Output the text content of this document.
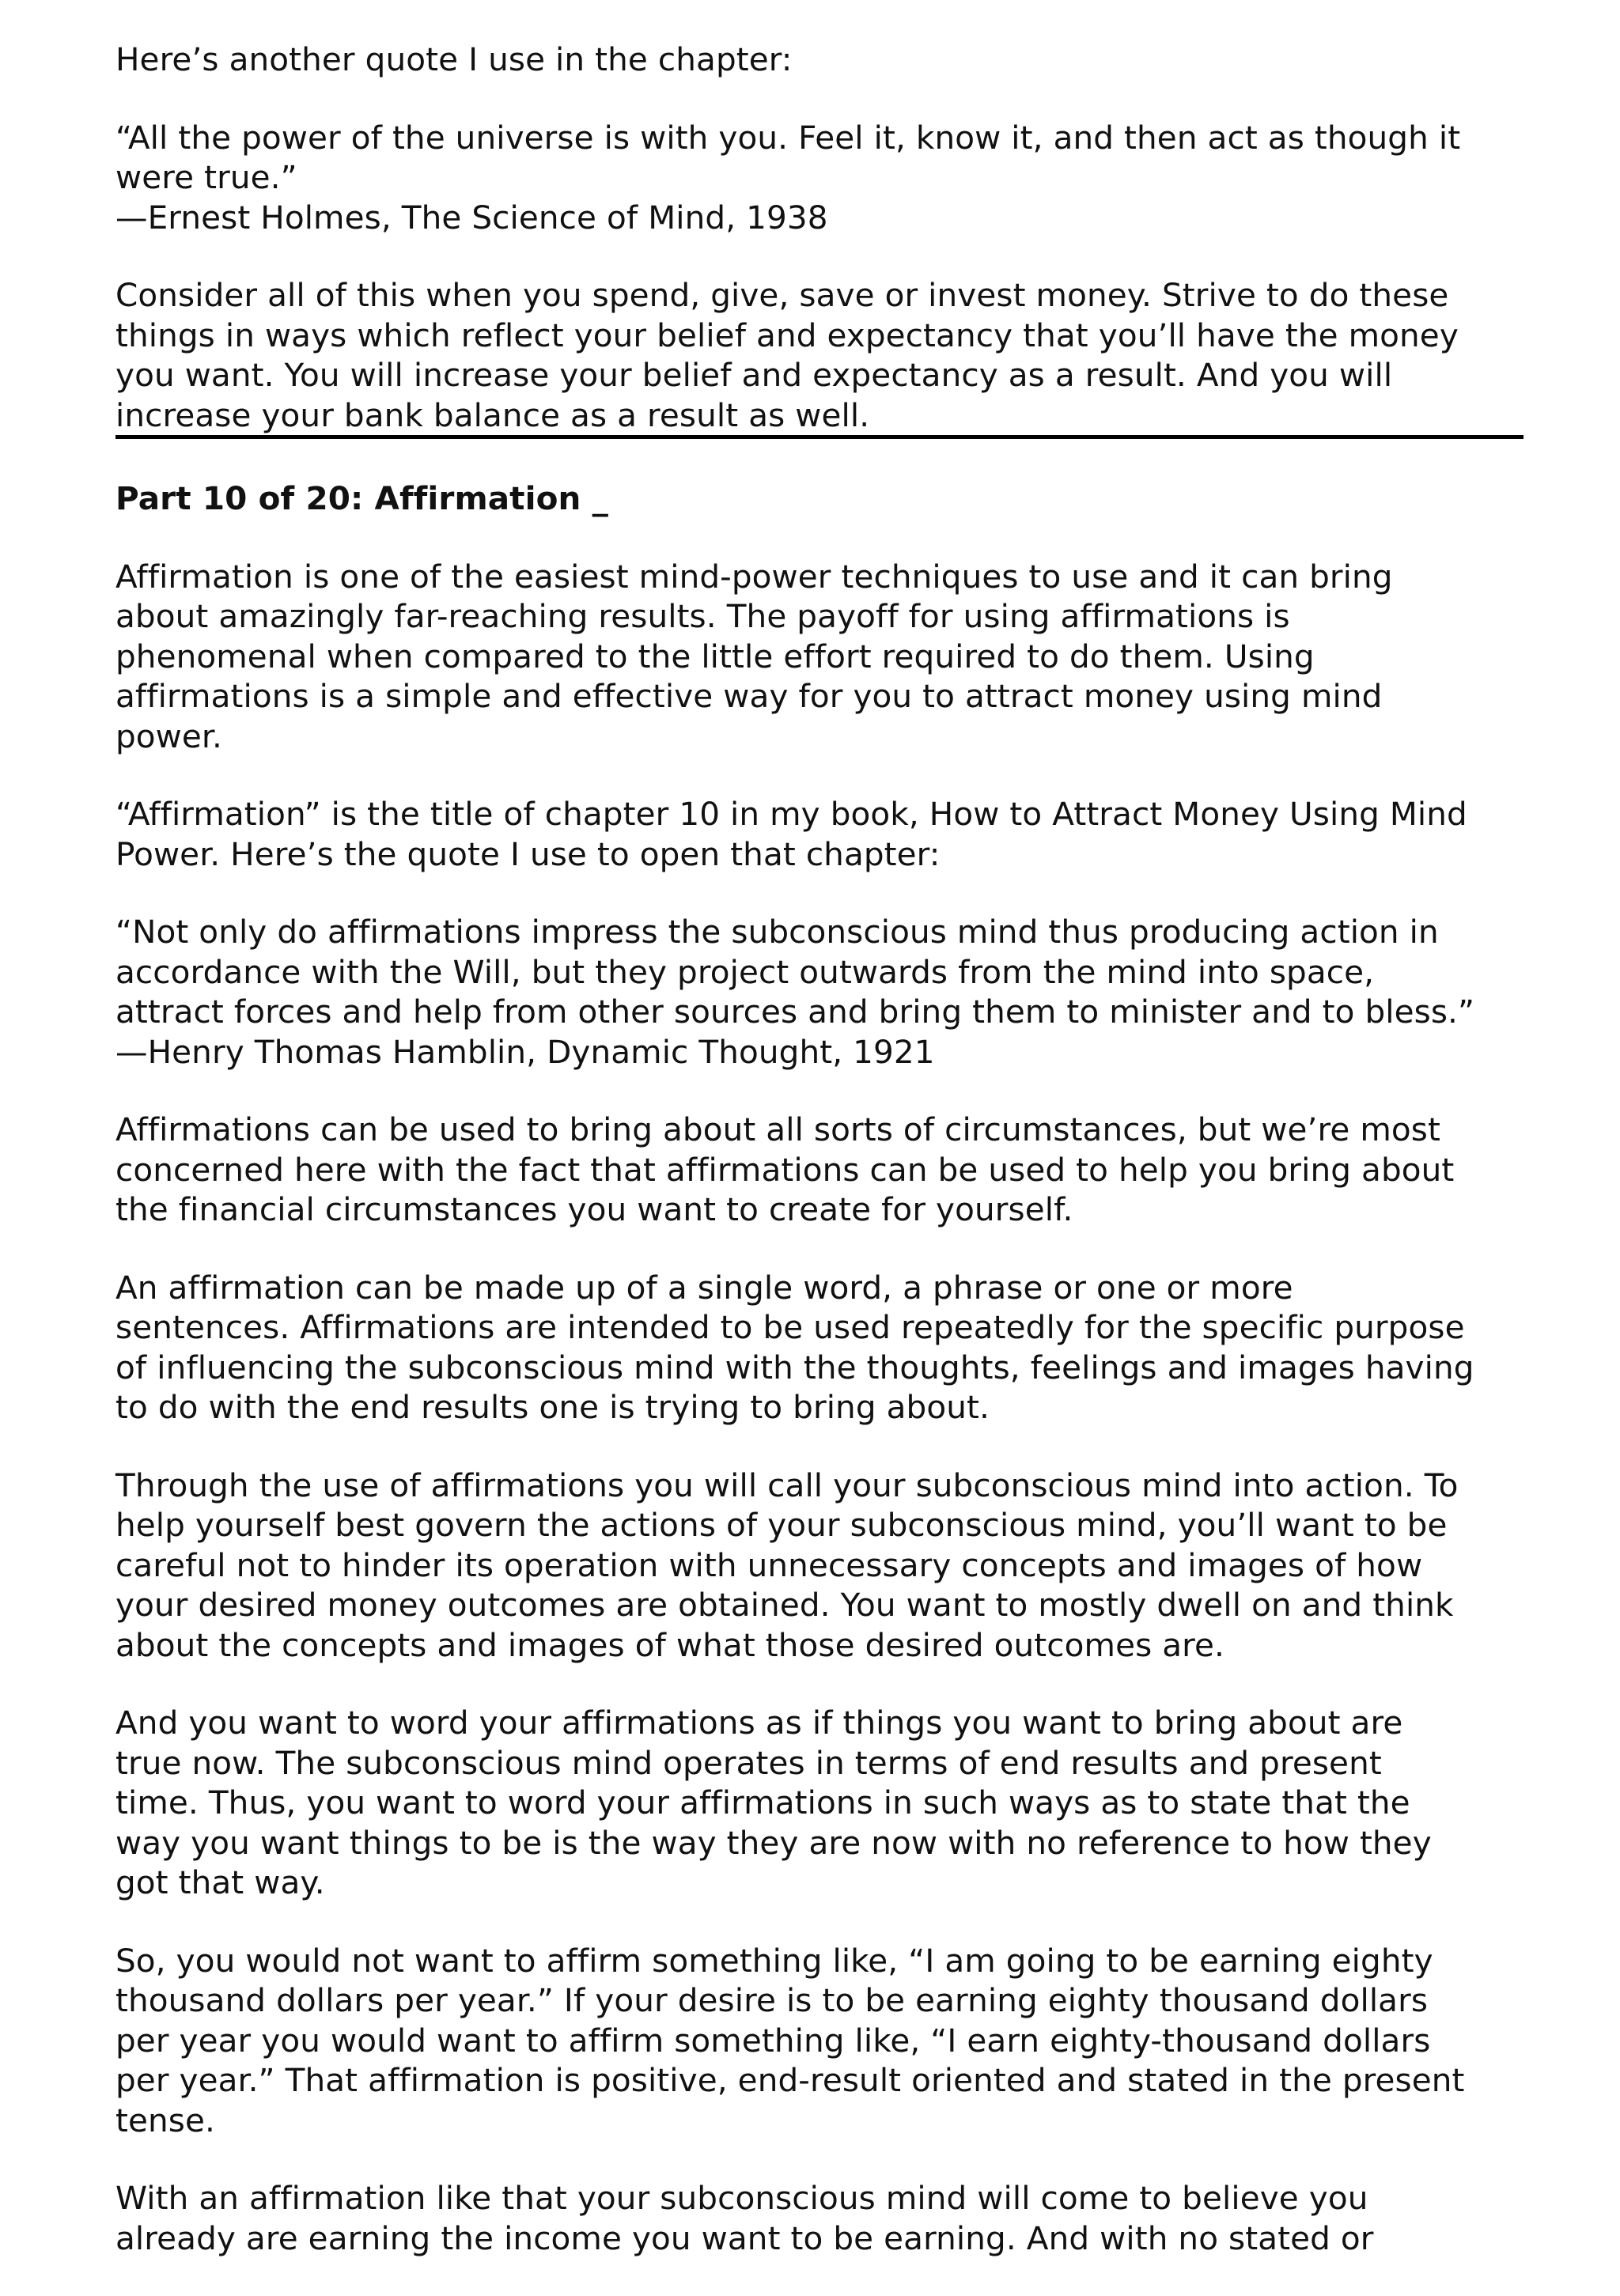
Here’s another quote I use in the chapter:
“All the power of the universe is with you. Feel it, know it, and then act as though it
were true.”
—Ernest Holmes, The Science of Mind, 1938
Consider all of this when you spend, give, save or invest money. Strive to do these
things in ways which reflect your belief and expectancy that you’ll have the money
you want. You will increase your belief and expectancy as a result. And you will
increase your bank balance as a result as well.
Part 10 of 20: Affirmation _
Affirmation is one of the easiest mind-power techniques to use and it can bring
about amazingly far-reaching results. The payoff for using affirmations is
phenomenal when compared to the little effort required to do them. Using
affirmations is a simple and effective way for you to attract money using mind
power.
“Affirmation” is the title of chapter 10 in my book, How to Attract Money Using Mind
Power. Here’s the quote I use to open that chapter:
“Not only do affirmations impress the subconscious mind thus producing action in
accordance with the Will, but they project outwards from the mind into space,
attract forces and help from other sources and bring them to minister and to bless.”
—Henry Thomas Hamblin, Dynamic Thought, 1921
Affirmations can be used to bring about all sorts of circumstances, but we’re most
concerned here with the fact that affirmations can be used to help you bring about
the financial circumstances you want to create for yourself.
An affirmation can be made up of a single word, a phrase or one or more
sentences. Affirmations are intended to be used repeatedly for the specific purpose
of influencing the subconscious mind with the thoughts, feelings and images having
to do with the end results one is trying to bring about.
Through the use of affirmations you will call your subconscious mind into action. To
help yourself best govern the actions of your subconscious mind, you’ll want to be
careful not to hinder its operation with unnecessary concepts and images of how
your desired money outcomes are obtained. You want to mostly dwell on and think
about the concepts and images of what those desired outcomes are.
And you want to word your affirmations as if things you want to bring about are
true now. The subconscious mind operates in terms of end results and present
time. Thus, you want to word your affirmations in such ways as to state that the
way you want things to be is the way they are now with no reference to how they
got that way.
So, you would not want to affirm something like, “I am going to be earning eighty
thousand dollars per year.” If your desire is to be earning eighty thousand dollars
per year you would want to affirm something like, “I earn eighty-thousand dollars
per year.” That affirmation is positive, end-result oriented and stated in the present
tense.
With an affirmation like that your subconscious mind will come to believe you
already are earning the income you want to be earning. And with no stated or
